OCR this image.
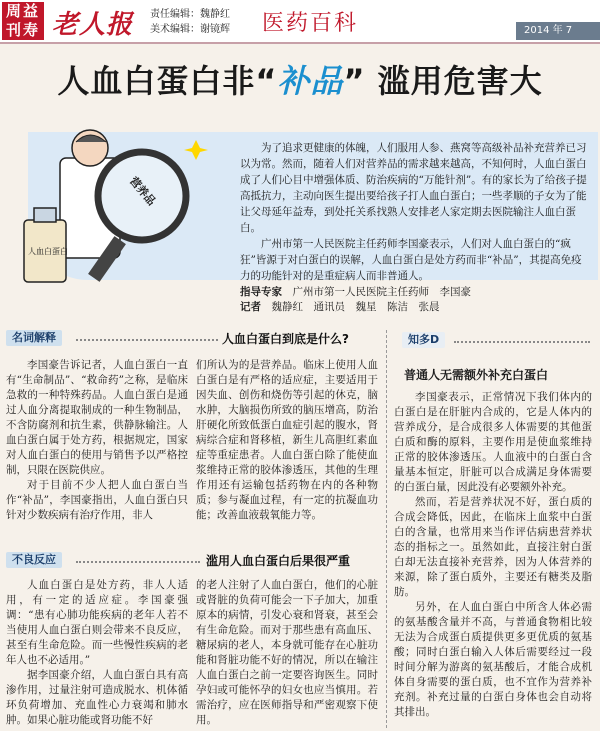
周益
刊寿 老人报 责任编辑：魏静红
美术编辑：谢镜辉 医药百科	2014 年 7
人血白蛋白非“补品” 滥用危害大
营养品
人血白蛋白

为了追求更健康的体魄，人们服用人参、燕窝等高级补品补充营养已习以为常。然而，随着人们对营养品的需求越来越高，不知何时，人血白蛋白成了人们心目中增强体质、防治疾病的“万能针剂”。有的家长为了给孩子提高抵抗力，主动向医生提出要给孩子打人血白蛋白；一些孝顺的子女为了能让父母延年益寿，到处托关系找熟人安排老人家定期去医院输注人血白蛋白。

广州市第一人民医院主任药师李国豪表示，人们对人血白蛋白的“疯狂”皆源于对白蛋白的误解，人血白蛋白是处方药而非“补品”，其提高免疫力的功能针对的是重症病人而非普通人。

指导专家　 广州市第一人民医院主任药师　李国豪
记者　 魏静红　通讯员　魏星　陈洁　张晨
名词解释	人血白蛋白到底是什么?

李国豪告诉记者，人血白蛋白一直有“生命制品”、“救命药”之称，是临床急救的一种特殊药品。人血白蛋白是通过人血分离提取制成的一种生物制品，不含防腐剂和抗生素，供静脉输注。人血白蛋白属于处方药，根据规定，国家对人血白蛋白的使用与销售予以严格控制，只限在医院供应。

对于目前不少人把人血白蛋白当作“补品”，李国豪指出，人血白蛋白只针对少数疾病有治疗作用，非人

们所认为的是营养品。临床上使用人血白蛋白是有严格的适应症，主要适用于因失血、创伤和烧伤等引起的休克，脑水肿，大脑损伤所致的脑压增高，防治肝硬化所致低蛋白血症引起的腹水，肾病综合症和肾移植，新生儿高胆红素血症等重症患者。人血白蛋白除了能使血浆维持正常的胶体渗透压，其他的生理作用还有运输包括药物在内的各种物质；参与凝血过程，有一定的抗凝血功能；改善血液载氧能力等。

不良反应	滥用人血白蛋白后果很严重

人血白蛋白是处方药，非人人适用，有一定的适应症。李国豪强调：“患有心肺功能疾病的老年人若不当使用人血白蛋白则会带来不良反应，甚至有生命危险。而一些慢性疾病的老年人也不必适用。”

据李国豪介绍，人血白蛋白具有高渗作用，过量注射可造成脱水、机体循环负荷增加、充血性心力衰竭和肺水肿。如果心脏功能或肾功能不好

的老人注射了人血白蛋白，他们的心脏或肾脏的负荷可能会一下子加大，加重原本的病情，引发心衰和肾衰，甚至会有生命危险。而对于那些患有高血压、糖尿病的老人，本身就可能存在心脏功能和肾脏功能不好的情况，所以在输注人血白蛋白之前一定要咨询医生。同时孕妇或可能怀孕的妇女也应当慎用。若需治疗，应在医师指导和严密观察下使用。

知多D
普通人无需额外补充白蛋白

李国豪表示，正常情况下我们体内的白蛋白是在肝脏内合成的，它是人体内的营养成分，是合成很多人体需要的其他蛋白质和酶的原料，主要作用是使血浆维持正常的胶体渗透压。人血液中的白蛋白含量基本恒定，肝脏可以合成满足身体需要的白蛋白量，因此没有必要额外补充。

然而，若是营养状况不好，蛋白质的合成会降低，因此，在临床上血浆中白蛋白的含量，也常用来当作评估病患营养状态的指标之一。虽然如此，直接注射白蛋白却无法直接补充营养，因为人体营养的来源，除了蛋白质外，主要还有糖类及脂肪。

另外，在人血白蛋白中所含人体必需的氨基酸含量并不高，与普通食物相比较无法为合成蛋白质提供更多更优质的氨基酸；同时白蛋白输入人体后需要经过一段时间分解为游离的氨基酸后，才能合成机体自身需要的蛋白质，也不宜作为营养补充剂。补充过量的白蛋白身体也会自动将其排出。
